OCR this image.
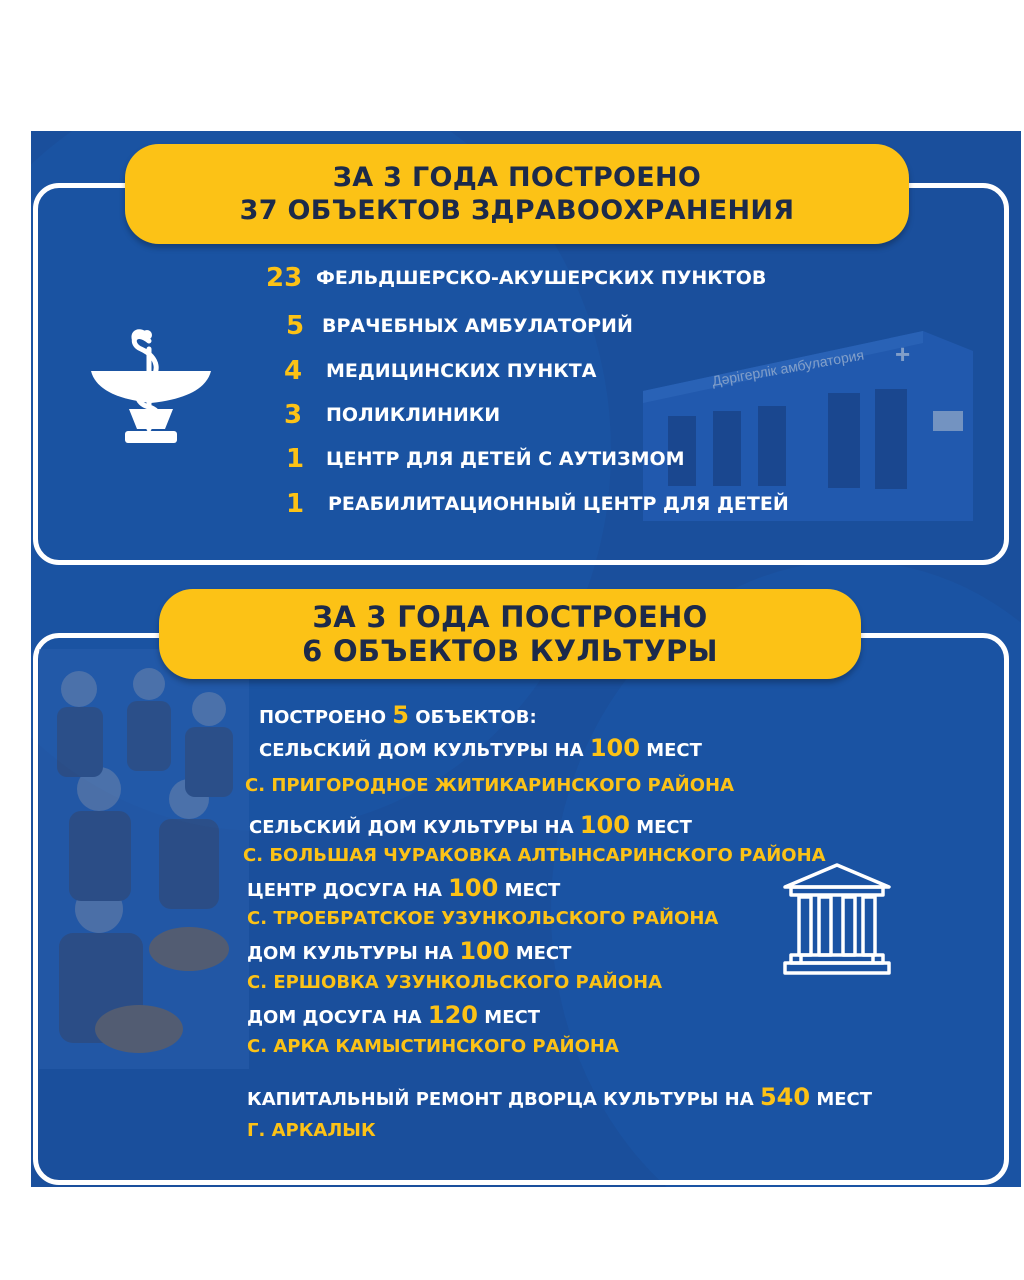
Дәрігерлік амбулатория +
ЗА 3 ГОДА ПОСТРОЕНО
37 ОБЪЕКТОВ ЗДРАВООХРАНЕНИЯ
23 ФЕЛЬДШЕРСКО-АКУШЕРСКИХ ПУНКТОВ
5 ВРАЧЕБНЫХ АМБУЛАТОРИЙ
4	МЕДИЦИНСКИХ ПУНКТА
3	ПОЛИКЛИНИКИ
1	ЦЕНТР ДЛЯ ДЕТЕЙ С АУТИЗМОМ
1	РЕАБИЛИТАЦИОННЫЙ ЦЕНТР ДЛЯ ДЕТЕЙ
ЗА 3 ГОДА ПОСТРОЕНО
6 ОБЪЕКТОВ КУЛЬТУРЫ
ПОСТРОЕНО 5 ОБЪЕКТОВ:
СЕЛЬСКИЙ ДОМ КУЛЬТУРЫ НА 100 МЕСТ
С. ПРИГОРОДНОЕ ЖИТИКАРИНСКОГО РАЙОНА
СЕЛЬСКИЙ ДОМ КУЛЬТУРЫ НА 100 МЕСТ
С. БОЛЬШАЯ ЧУРАКОВКА АЛТЫНСАРИНСКОГО РАЙОНА
ЦЕНТР ДОСУГА НА 100 МЕСТ
С. ТРОЕБРАТСКОЕ УЗУНКОЛЬСКОГО РАЙОНА
ДОМ КУЛЬТУРЫ НА 100 МЕСТ
С. ЕРШОВКА УЗУНКОЛЬСКОГО РАЙОНА
ДОМ ДОСУГА НА 120 МЕСТ
С. АРКА КАМЫСТИНСКОГО РАЙОНА
КАПИТАЛЬНЫЙ РЕМОНТ ДВОРЦА КУЛЬТУРЫ НА 540 МЕСТ
Г. АРКАЛЫК
